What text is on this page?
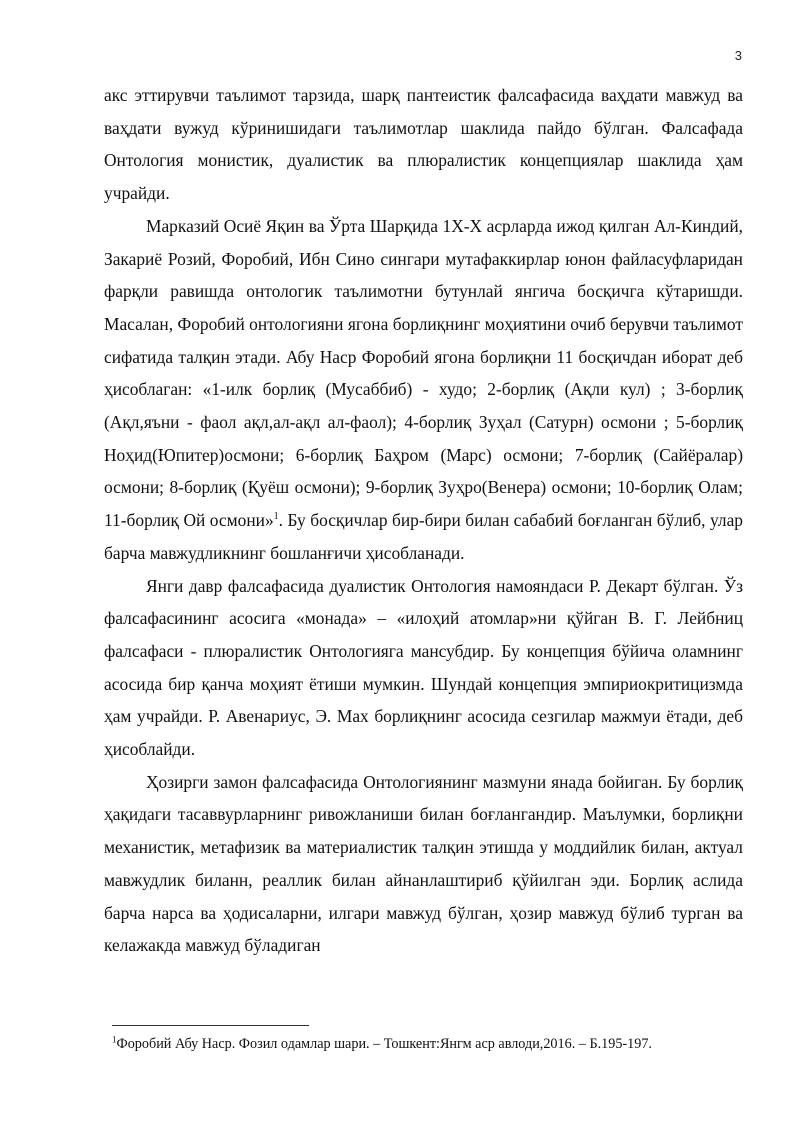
3

акс эттирувчи таълимот тарзида, шарқ пантеистик фалсафасида ваҳдати мавжуд ва ваҳдати вужуд кўринишидаги таълимотлар шаклида пайдо бўлган. Фалсафада Онтология монистик, дуалистик ва плюралистик концепциялар шаклида ҳам учрайди.

Марказий Осиё Яқин ва Ўрта Шарқида 1Х-Х асрларда ижод қилган Ал-Киндий, Закариё Розий, Форобий, Ибн Сино сингари мутафаккирлар юнон файласуфларидан фарқли равишда онтологик таълимотни бутунлай янгича босқичга кўтаришди. Масалан, Форобий онтологияни ягона борлиқнинг моҳиятини очиб берувчи таълимот сифатида талқин этади. Абу Наср Форобий ягона борлиқни 11 босқичдан иборат деб ҳисоблаган: «1-илк борлиқ (Мусаббиб) - худо; 2-борлиқ (Ақли кул) ; 3-борлиқ (Ақл,яъни - фаол ақл,ал-ақл ал-фаол); 4-борлиқ Зуҳал (Сатурн) осмони ; 5-борлиқ Ноҳид(Юпитер)осмони; 6-борлиқ Баҳром (Марс) осмони; 7-борлиқ (Сайёралар) осмони; 8-борлиқ (Қуёш осмони); 9-борлиқ Зуҳро(Венера) осмони; 10-борлиқ Олам; 11-борлиқ Ой осмони»$^1$. Бу босқичлар бир-бири билан сабабий боғланган бўлиб, улар барча мавжудликнинг бошланғичи ҳисобланади.

Янги давр фалсафасида дуалистик Онтология намояндаси Р. Декарт бўлган. Ўз фалсафасининг асосига «монада» – «илоҳий атомлар»ни қўйган В. Г. Лейбниц фалсафаси - плюралистик Онтологияга мансубдир. Бу концепция бўйича оламнинг асосида бир қанча моҳият ётиши мумкин. Шундай концепция эмпириокритицизмда ҳам учрайди. Р. Авенариус, Э. Мах борлиқнинг асосида сезгилар мажмуи ётади, деб ҳисоблайди.

Ҳозирги замон фалсафасида Онтологиянинг мазмуни янада бойиган. Бу борлиқ ҳақидаги тасаввурларнинг ривожланиши билан боғлангандир. Маълумки, борлиқни механистик, метафизик ва материалистик талқин этишда у моддийлик билан, актуал мавжудлик биланн, реаллик билан айнанлаштириб қўйилган эди. Борлиқ аслида барча нарса ва ҳодисаларни, илгари мавжуд бўлган, ҳозир мавжуд бўлиб турган ва келажакда мавжуд бўладиган

$^1$Форобий Абу Наср. Фозил одамлар шари. – Тошкент:Янгм аср авлоди,2016. – Б.195-197.
